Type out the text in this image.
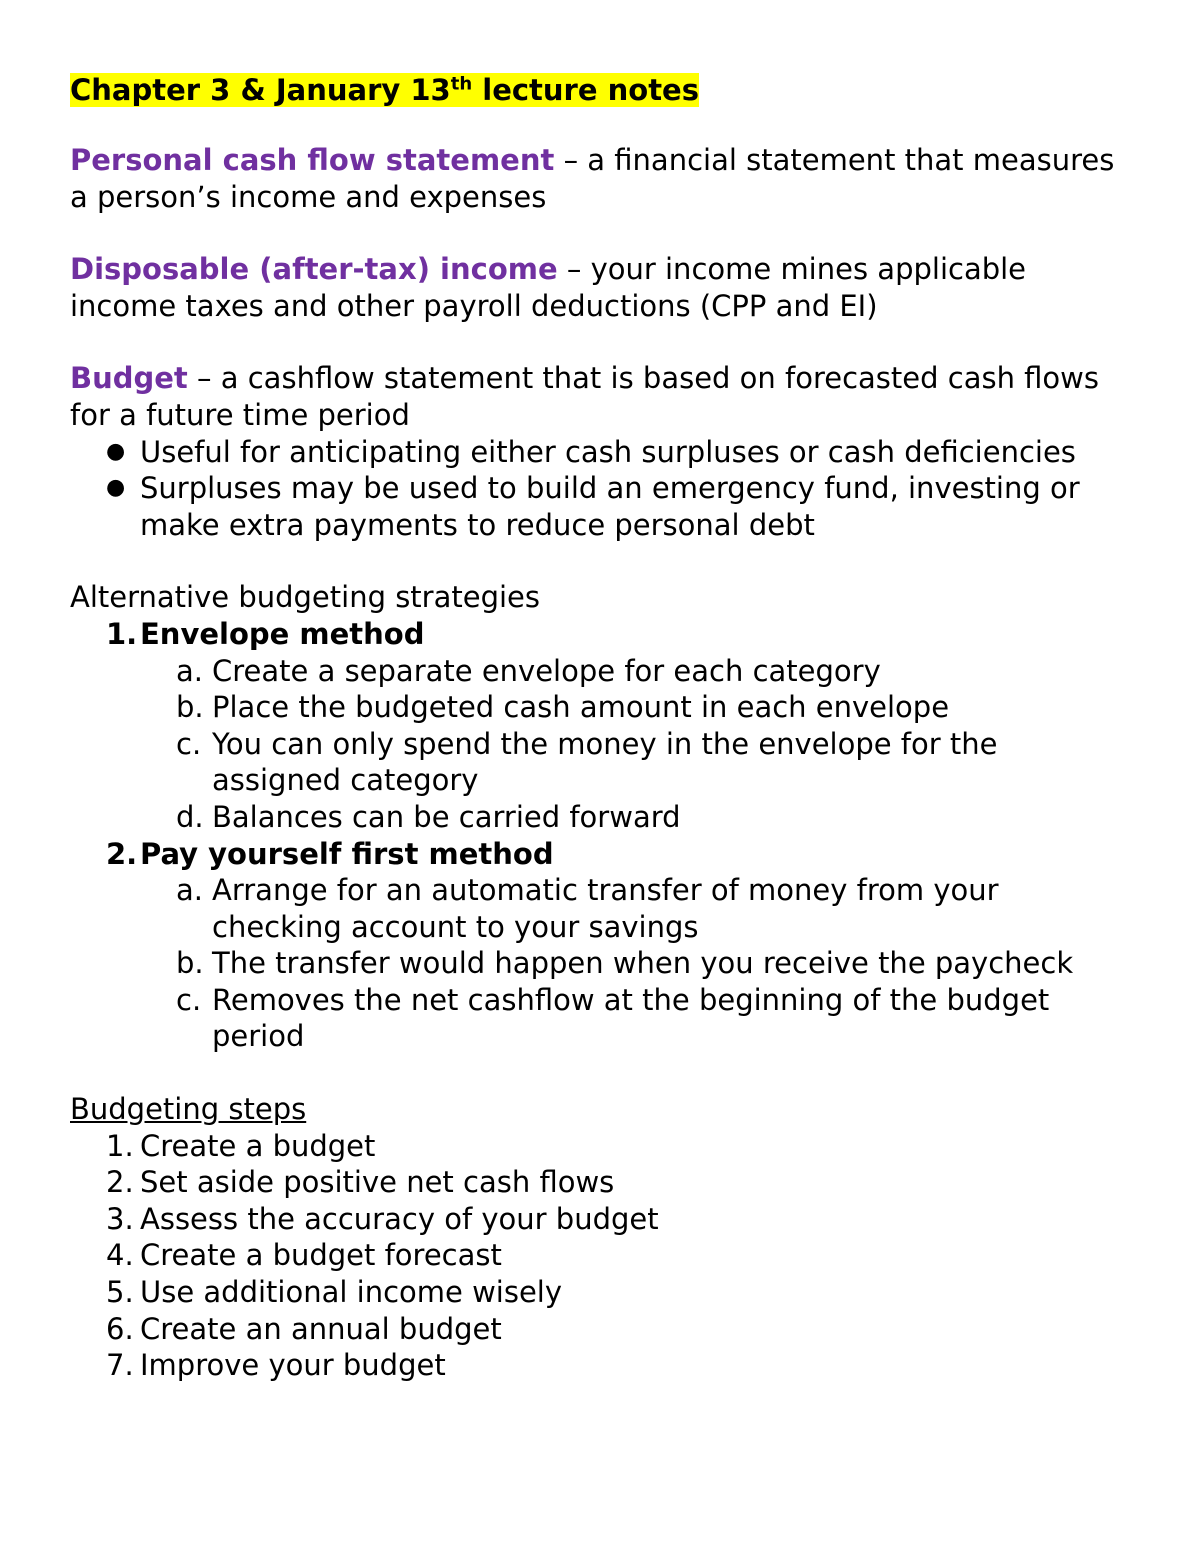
Chapter 3 & January 13th lecture notes

Personal cash flow statement – a financial statement that measures a person’s income and expenses

Disposable (after-tax) income – your income mines applicable income taxes and other payroll deductions (CPP and EI)

Budget – a cashflow statement that is based on forecasted cash flows for a future time period

● Useful for anticipating either cash surpluses or cash deficiencies
● Surpluses may be used to build an emergency fund, investing or make extra payments to reduce personal debt

Alternative budgeting strategies

1. Envelope method
a. Create a separate envelope for each category
b. Place the budgeted cash amount in each envelope
c. You can only spend the money in the envelope for the assigned category
d. Balances can be carried forward
2. Pay yourself first method
a. Arrange for an automatic transfer of money from your checking account to your savings
b. The transfer would happen when you receive the paycheck
c. Removes the net cashflow at the beginning of the budget period

Budgeting steps

1. Create a budget
2. Set aside positive net cash flows
3. Assess the accuracy of your budget
4. Create a budget forecast
5. Use additional income wisely
6. Create an annual budget
7. Improve your budget
